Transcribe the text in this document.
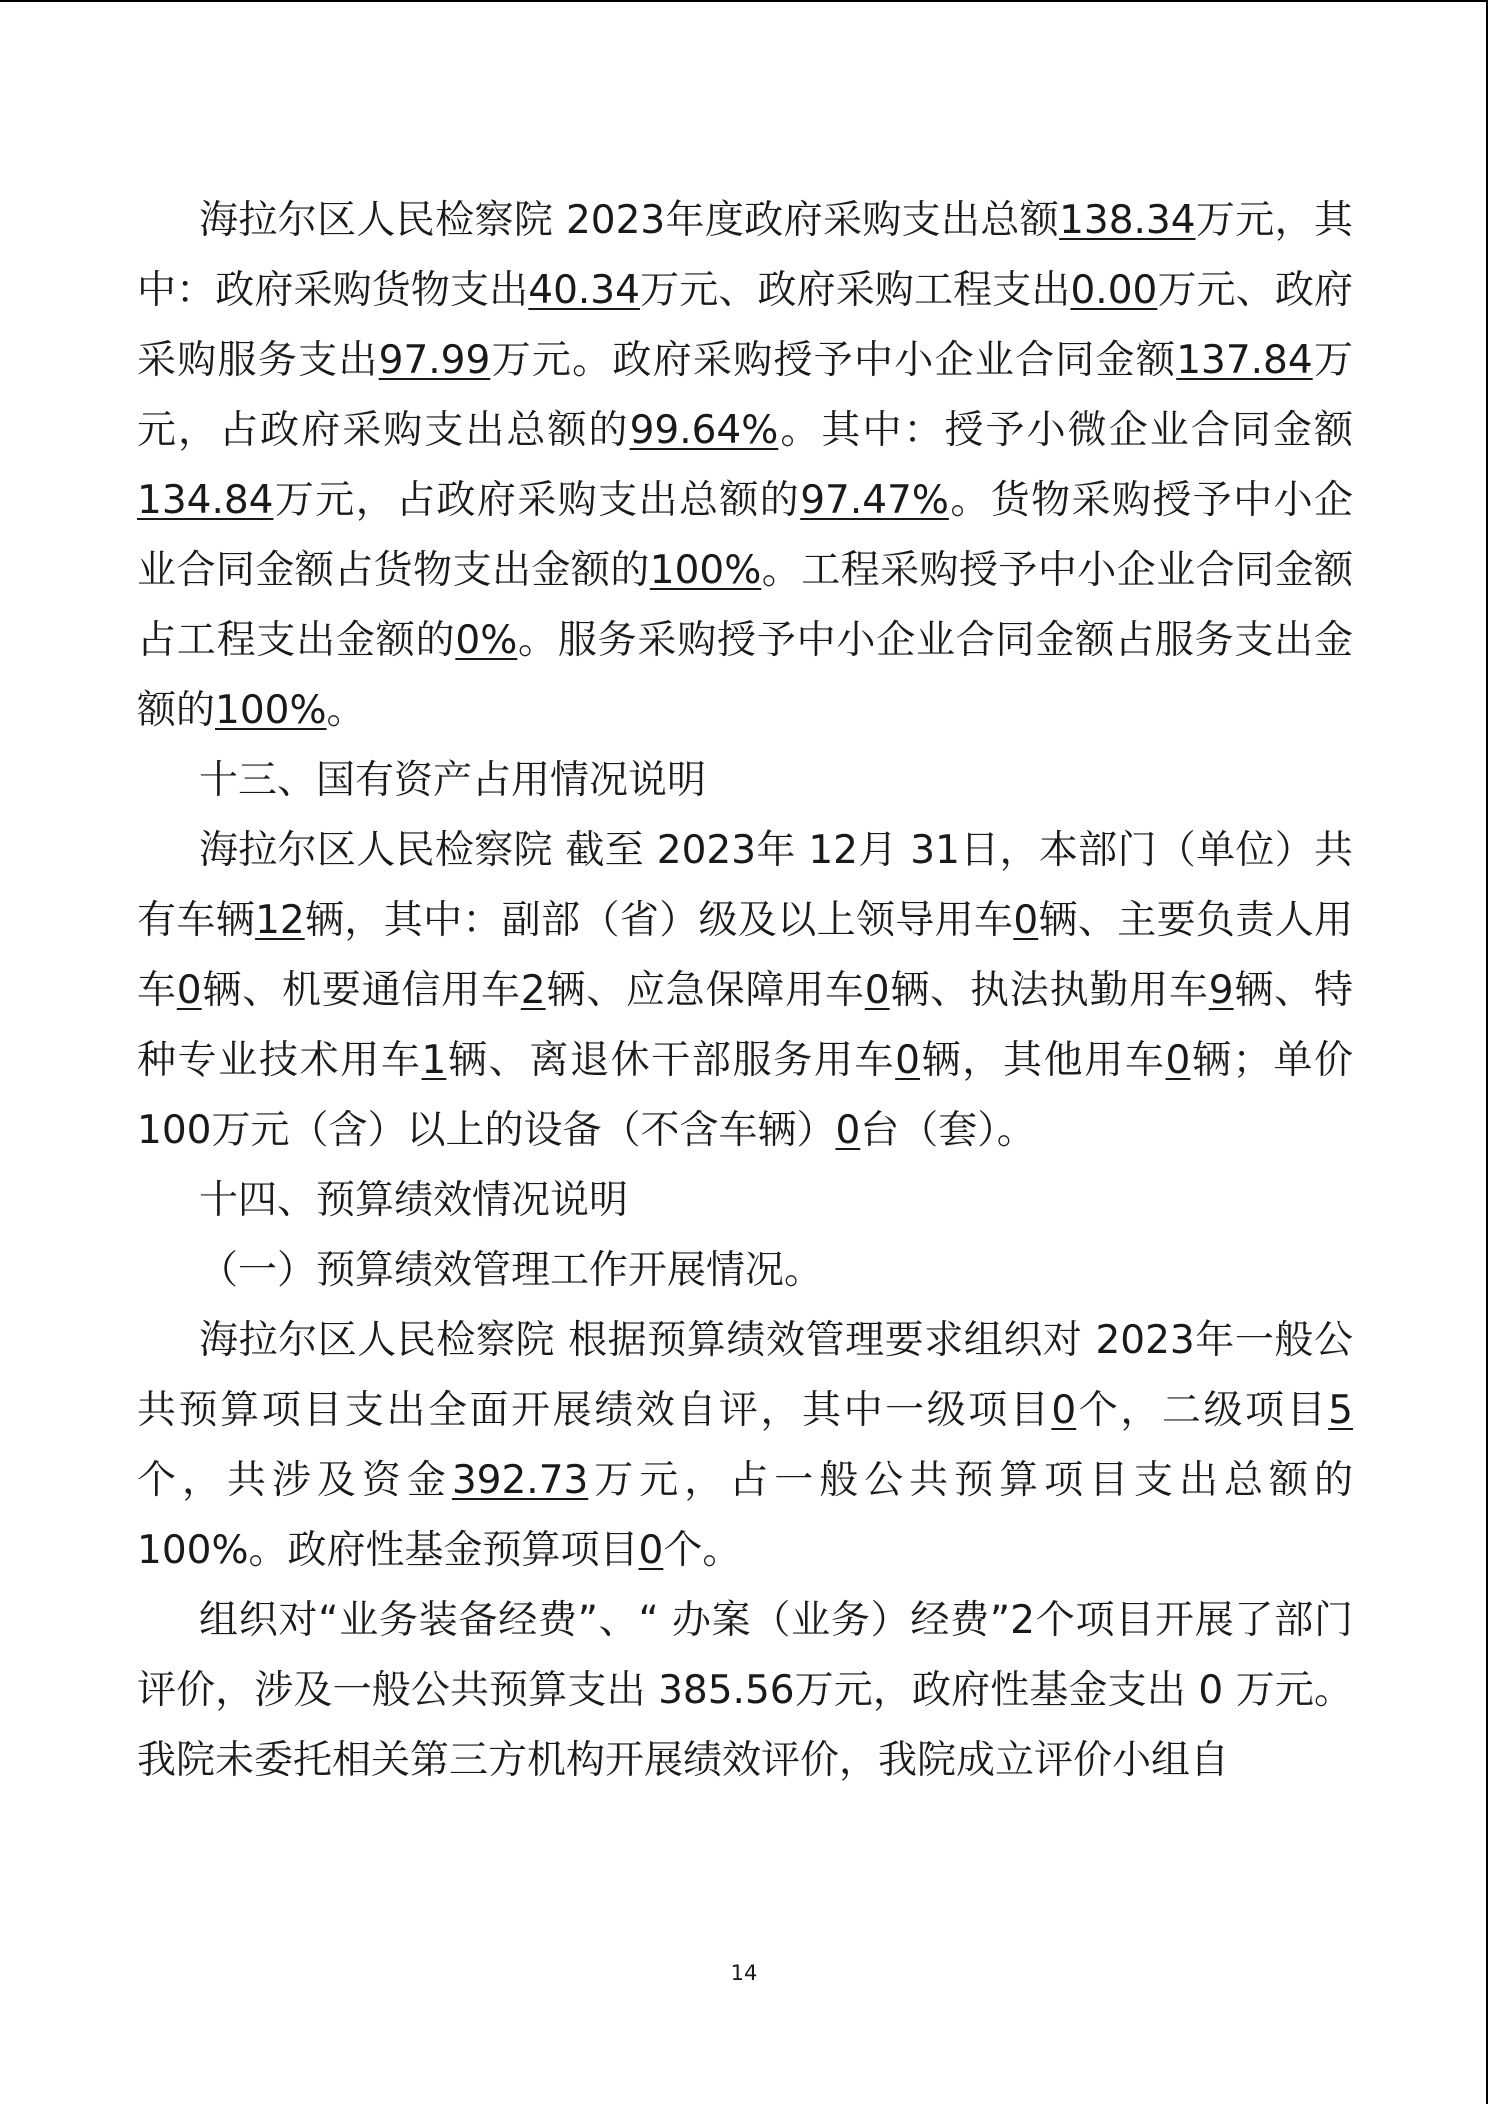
海拉尔区人民检察院 2023年度政府采购支出总额138.34万元，其中：政府采购货物支出40.34万元、政府采购工程支出0.00万元、政府采购服务支出97.99万元。政府采购授予中小企业合同金额137.84万元，占政府采购支出总额的99.64%。其中：授予小微企业合同金额134.84万元，占政府采购支出总额的97.47%。货物采购授予中小企业合同金额占货物支出金额的100%。工程采购授予中小企业合同金额占工程支出金额的0%。服务采购授予中小企业合同金额占服务支出金额的100%。

十三、国有资产占用情况说明

海拉尔区人民检察院 截至 2023年 12月 31日，本部门（单位）共有车辆12辆，其中：副部（省）级及以上领导用车0辆、主要负责人用车0辆、机要通信用车2辆、应急保障用车0辆、执法执勤用车9辆、特种专业技术用车1辆、离退休干部服务用车0辆，其他用车0辆；单价 100万元（含）以上的设备（不含车辆）0台（套）。

十四、预算绩效情况说明

（一）预算绩效管理工作开展情况。

海拉尔区人民检察院 根据预算绩效管理要求组织对 2023年一般公共预算项目支出全面开展绩效自评，其中一级项目0个，二级项目5个，共涉及资金392.73万元，占一般公共预算项目支出总额的 100%。政府性基金预算项目0个。

组织对“业务装备经费”、“ 办案（业务）经费”2个项目开展了部门评价，涉及一般公共预算支出 385.56万元，政府性基金支出 0 万元。我院未委托相关第三方机构开展绩效评价，我院成立评价小组自

14
